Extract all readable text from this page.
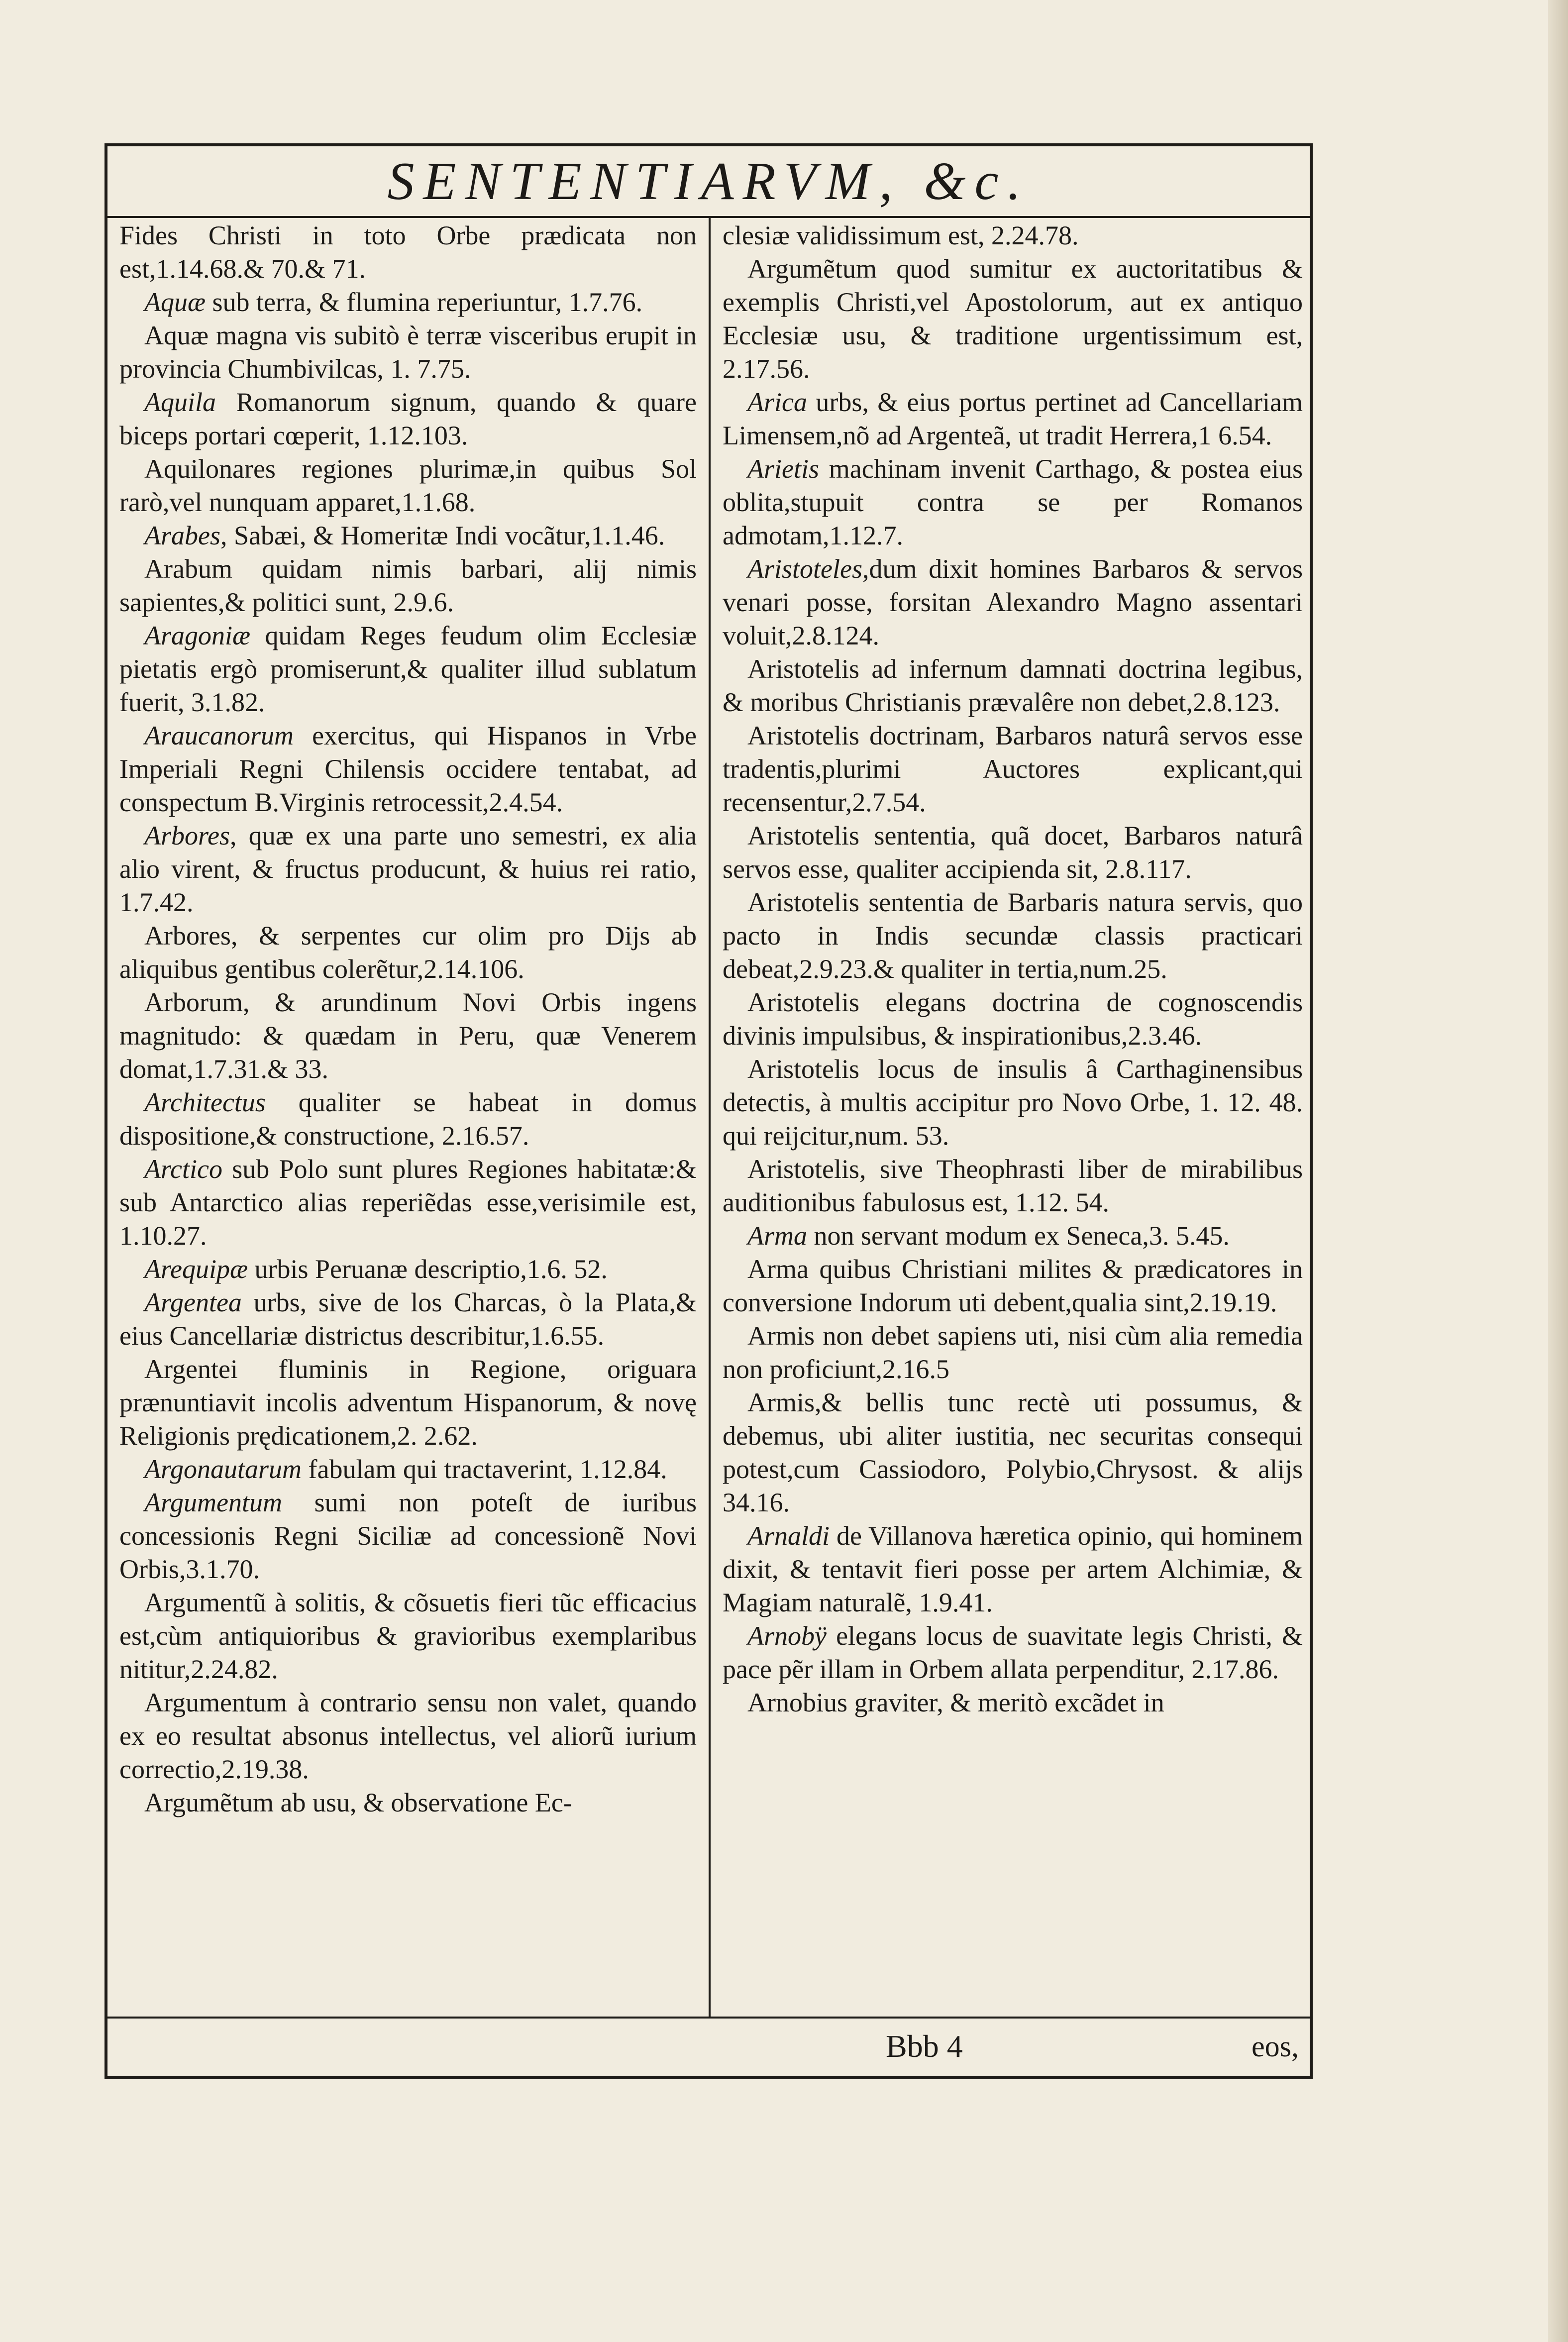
SENTENTIARVM, &c.

Fides Christi in toto Orbe prædicata non est,1.14.68.& 70.& 71.

Aquæ sub terra, & flumina reperiuntur, 1.7.76.

Aquæ magna vis subitò è terræ visceribus erupit in provincia Chumbivilcas, 1. 7.75.

Aquila Romanorum signum, quando & quare biceps portari cœperit, 1.12.103.

Aquilonares regiones plurimæ,in quibus Sol rarò,vel nunquam apparet,1.1.68.

Arabes, Sabæi, & Homeritæ Indi vocãtur,1.1.46.

Arabum quidam nimis barbari, alij nimis sapientes,& politici sunt, 2.9.6.

Aragoniæ quidam Reges feudum olim Ecclesiæ pietatis ergò promiserunt,& qualiter illud sublatum fuerit, 3.1.82.

Araucanorum exercitus, qui Hispanos in Vrbe Imperiali Regni Chilensis occidere tentabat, ad conspectum B.Virginis retrocessit,2.4.54.

Arbores, quæ ex una parte uno semestri, ex alia alio virent, & fructus producunt, & huius rei ratio, 1.7.42.

Arbores, & serpentes cur olim pro Dijs ab aliquibus gentibus colerẽtur,2.14.106.

Arborum, & arundinum Novi Orbis ingens magnitudo: & quædam in Peru, quæ Venerem domat,1.7.31.& 33.

Architectus qualiter se habeat in domus dispositione,& constructione, 2.16.57.

Arctico sub Polo sunt plures Regiones habitatæ:& sub Antarctico alias reperiẽdas esse,verisimile est, 1.10.27.

Arequipæ urbis Peruanæ descriptio,1.6. 52.

Argentea urbs, sive de los Charcas, ò la Plata,& eius Cancellariæ districtus describitur,1.6.55.

Argentei fluminis in Regione, origuara prænuntiavit incolis adventum Hispanorum, & novę Religionis prędicationem,2. 2.62.

Argonautarum fabulam qui tractaverint, 1.12.84.

Argumentum sumi non poteſt de iuribus concessionis Regni Siciliæ ad concessionẽ Novi Orbis,3.1.70.

Argumentũ à solitis, & cõsuetis fieri tũc efficacius est,cùm antiquioribus & gravioribus exemplaribus nititur,2.24.82.

Argumentum à contrario sensu non valet, quando ex eo resultat absonus intellectus, vel aliorũ iurium correctio,2.19.38.

Argumẽtum ab usu, & observatione Ec-

clesiæ validissimum est, 2.24.78.

Argumẽtum quod sumitur ex auctoritatibus & exemplis Christi,vel Apostolorum, aut ex antiquo Ecclesiæ usu, & traditione urgentissimum est, 2.17.56.

Arica urbs, & eius portus pertinet ad Cancellariam Limensem,nõ ad Argenteã, ut tradit Herrera,1 6.54.

Arietis machinam invenit Carthago, & postea eius oblita,stupuit contra se per Romanos admotam,1.12.7.

Aristoteles,dum dixit homines Barbaros & servos venari posse, forsitan Alexandro Magno assentari voluit,2.8.124.

Aristotelis ad infernum damnati doctrina legibus, & moribus Christianis prævalêre non debet,2.8.123.

Aristotelis doctrinam, Barbaros naturâ servos esse tradentis,plurimi Auctores explicant,qui recensentur,2.7.54.

Aristotelis sententia, quã docet, Barbaros naturâ servos esse, qualiter accipienda sit, 2.8.117.

Aristotelis sententia de Barbaris natura servis, quo pacto in Indis secundæ classis practicari debeat,2.9.23.& qualiter in tertia,num.25.

Aristotelis elegans doctrina de cognoscendis divinis impulsibus, & inspirationibus,2.3.46.

Aristotelis locus de insulis â Carthaginensibus detectis, à multis accipitur pro Novo Orbe, 1. 12. 48. qui reijcitur,num. 53.

Aristotelis, sive Theophrasti liber de mirabilibus auditionibus fabulosus est, 1.12. 54.

Arma non servant modum ex Seneca,3. 5.45.

Arma quibus Christiani milites & prædicatores in conversione Indorum uti debent,qualia sint,2.19.19.

Armis non debet sapiens uti, nisi cùm alia remedia non proficiunt,2.16.5

Armis,& bellis tunc rectè uti possumus, & debemus, ubi aliter iustitia, nec securitas consequi potest,cum Cassiodoro, Polybio,Chrysost. & alijs 34.16.

Arnaldi de Villanova hæretica opinio, qui hominem dixit, & tentavit fieri posse per artem Alchimiæ, & Magiam naturalẽ, 1.9.41.

Arnobÿ elegans locus de suavitate legis Christi, & pace pẽr illam in Orbem allata perpenditur, 2.17.86.

Arnobius graviter, & meritò excãdet in

Bbb 4	eos,
